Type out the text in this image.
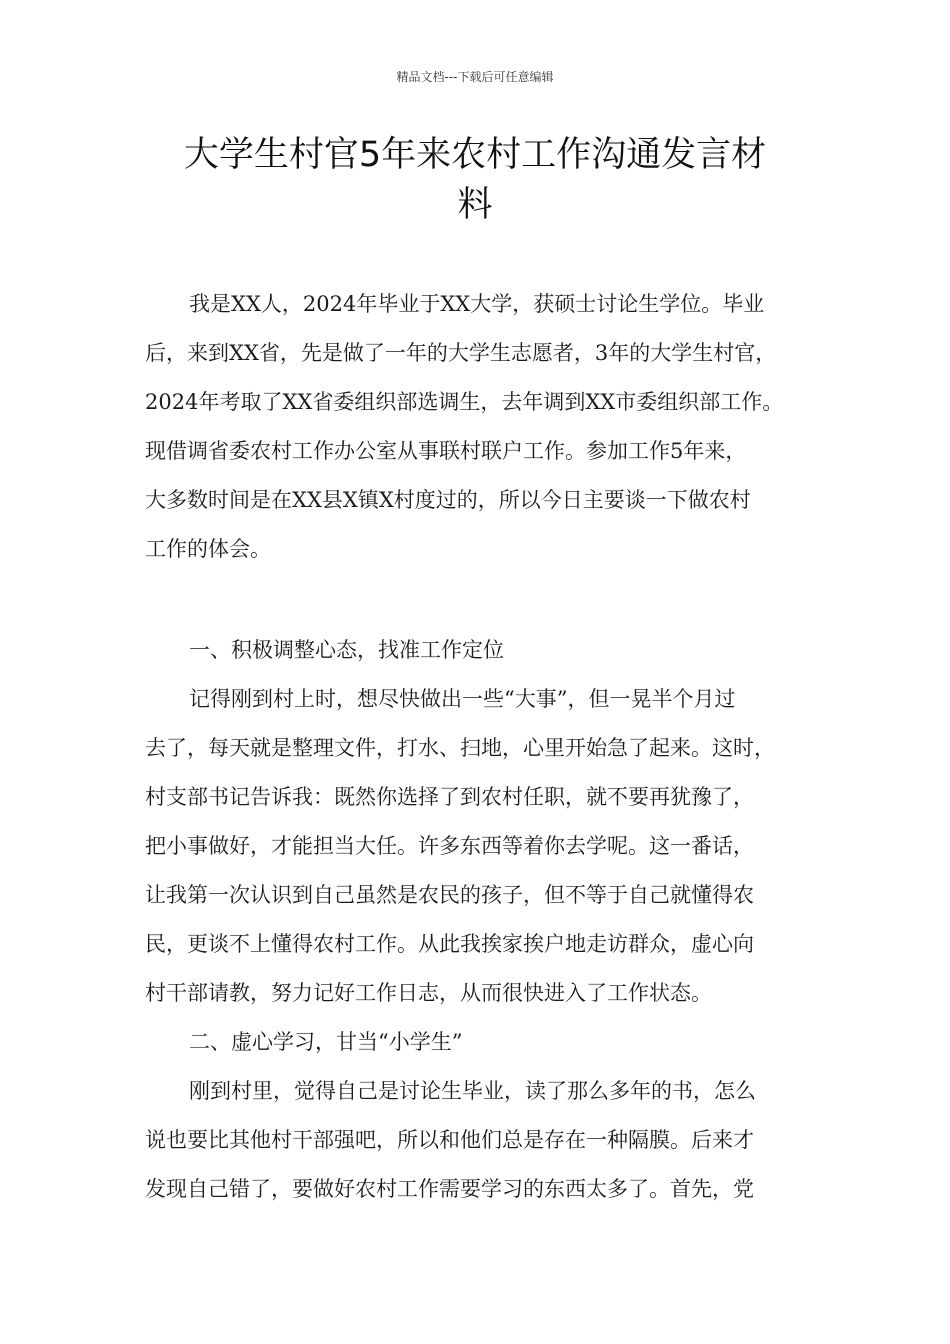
精品文档---下载后可任意编辑
大学生村官5年来农村工作沟通发言材
料
我是XX人，2024年毕业于XX大学，获硕士讨论生学位。毕业
后，来到XX省，先是做了一年的大学生志愿者，3年的大学生村官，
2024年考取了XX省委组织部选调生，去年调到XX市委组织部工作。
现借调省委农村工作办公室从事联村联户工作。参加工作5年来，
大多数时间是在XX县X镇X村度过的，所以今日主要谈一下做农村
工作的体会。
一、积极调整心态，找准工作定位
记得刚到村上时，想尽快做出一些“大事”，但一晃半个月过
去了，每天就是整理文件，打水、扫地，心里开始急了起来。这时，
村支部书记告诉我：既然你选择了到农村任职，就不要再犹豫了，
把小事做好，才能担当大任。许多东西等着你去学呢。这一番话，
让我第一次认识到自己虽然是农民的孩子，但不等于自己就懂得农
民，更谈不上懂得农村工作。从此我挨家挨户地走访群众，虚心向
村干部请教，努力记好工作日志，从而很快进入了工作状态。
二、虚心学习，甘当“小学生”
刚到村里，觉得自己是讨论生毕业，读了那么多年的书，怎么
说也要比其他村干部强吧，所以和他们总是存在一种隔膜。后来才
发现自己错了，要做好农村工作需要学习的东西太多了。首先，党
